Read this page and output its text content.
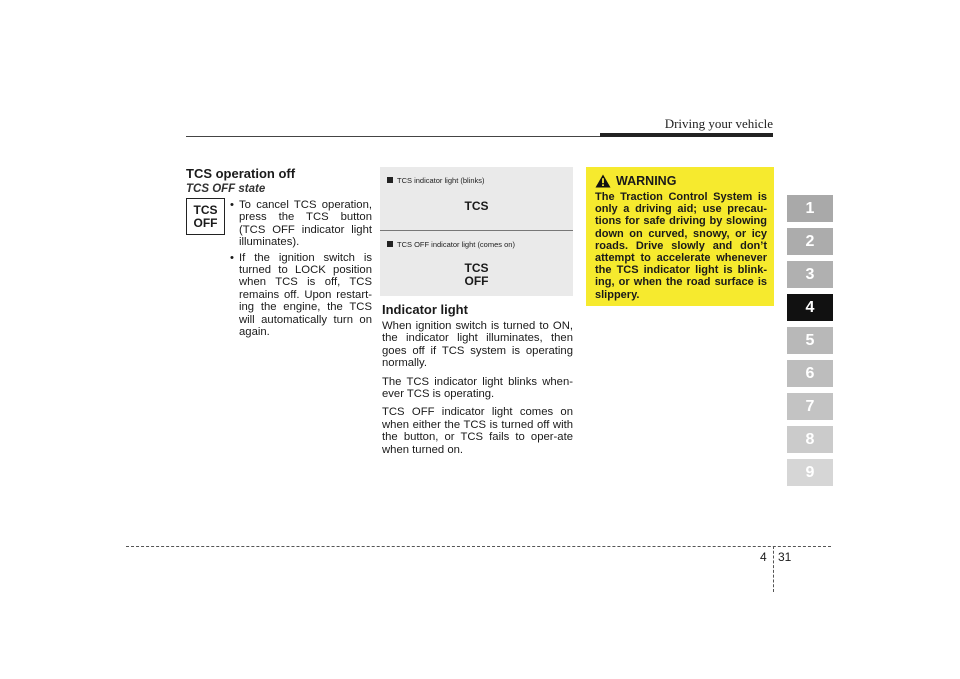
Driving your vehicle
1
2
3
4
5
6
7
8
9
TCS operation off
TCS OFF state
TCS
OFF
• To cancel TCS operation, press the TCS button (TCS OFF indicator light illuminates).
• If the ignition switch is turned to LOCK position when TCS is off, TCS remains off. Upon restart-ing the engine, the TCS will automatically turn on again.
TCS indicator light (blinks)
TCS
TCS OFF indicator light (comes on)
TCS
OFF
Indicator light

When ignition switch is turned to ON, the indicator light illuminates, then goes off if TCS system is operating normally.

The TCS indicator light blinks when-ever TCS is operating.

TCS OFF indicator light comes on when either the TCS is turned off with the button, or TCS fails to oper-ate when turned on.

WARNING
The Traction Control System is only a driving aid; use precau-tions for safe driving by slowing down on curved, snowy, or icy roads. Drive slowly and don’t attempt to accelerate whenever the TCS indicator light is blink-ing, or when the road surface is slippery.
4 31
